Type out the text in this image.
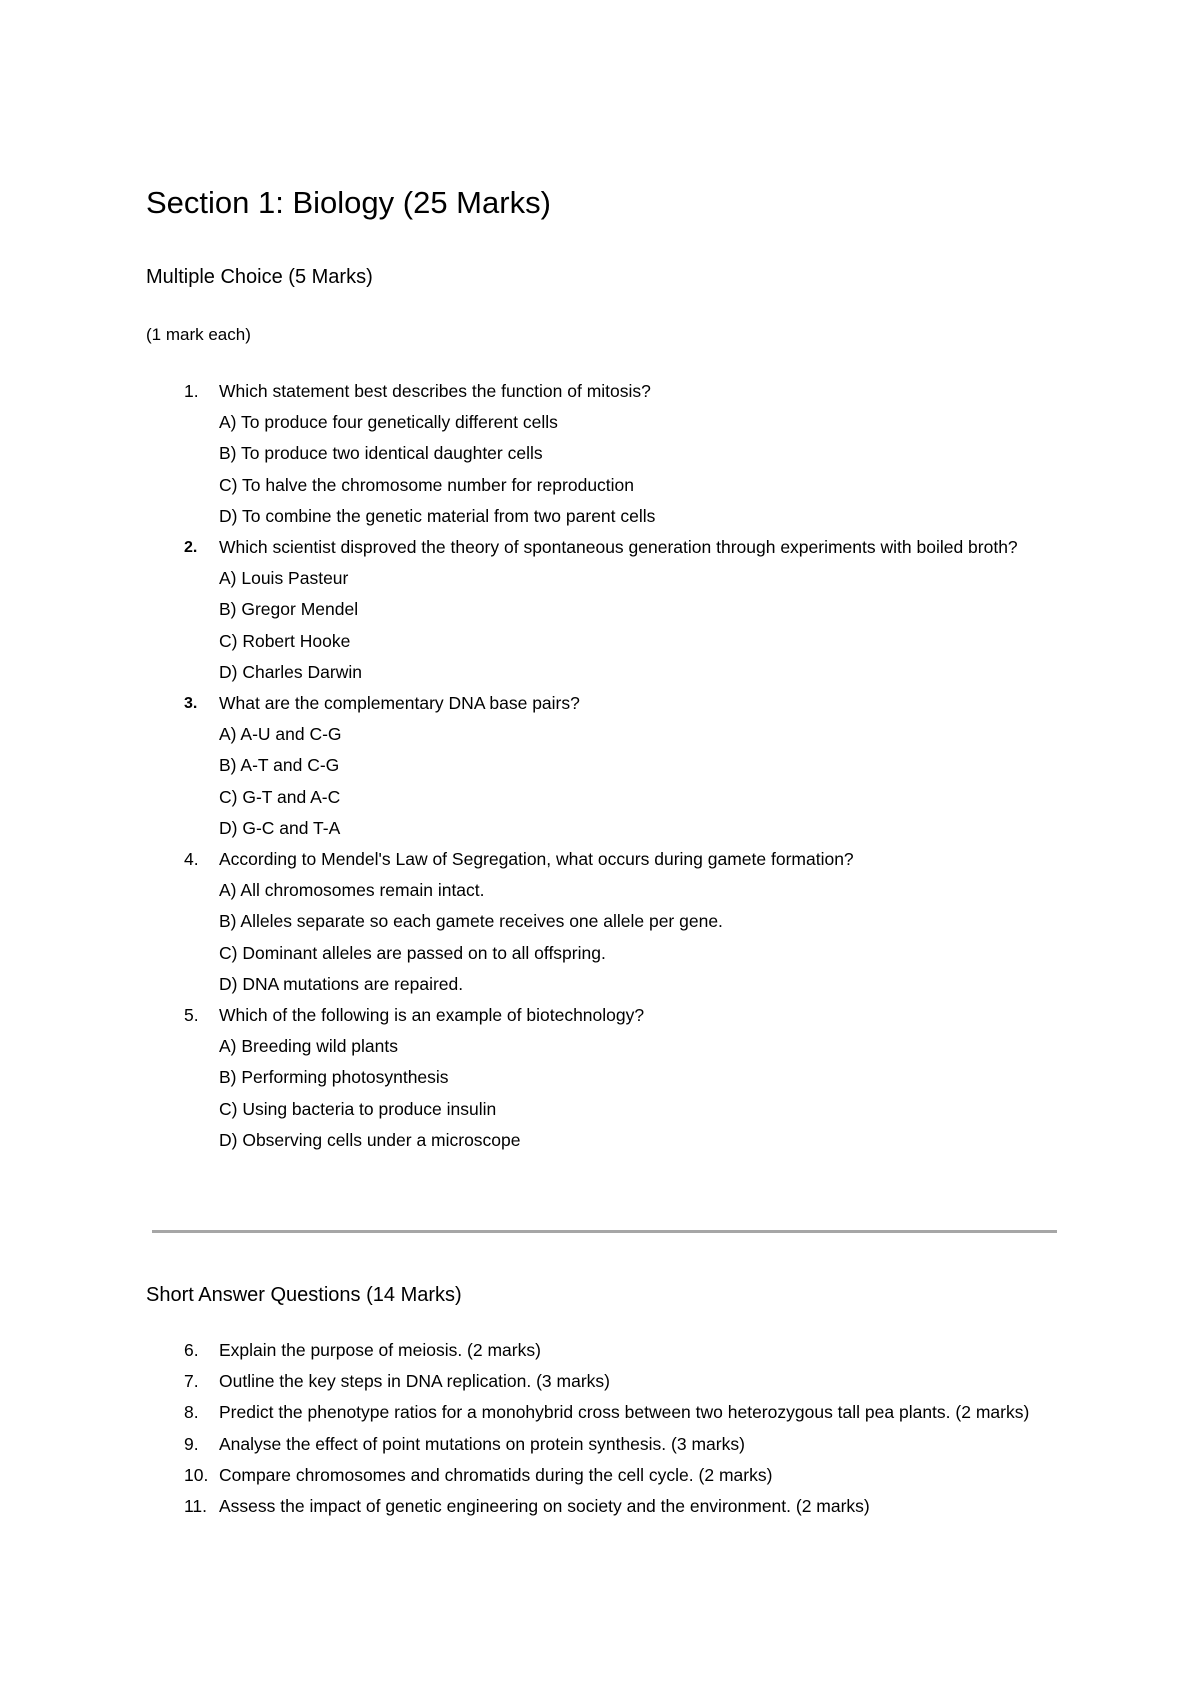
Section 1: Biology (25 Marks)
Multiple Choice (5 Marks)

(1 mark each)

1. Which statement best describes the function of mitosis?

A) To produce four genetically different cells

B) To produce two identical daughter cells

C) To halve the chromosome number for reproduction

D) To combine the genetic material from two parent cells

2. Which scientist disproved the theory of spontaneous generation through experiments with boiled broth?

A) Louis Pasteur

B) Gregor Mendel

C) Robert Hooke

D) Charles Darwin

3. What are the complementary DNA base pairs?

A) A-U and C-G

B) A-T and C-G

C) G-T and A-C

D) G-C and T-A

4. According to Mendel's Law of Segregation, what occurs during gamete formation?

A) All chromosomes remain intact.

B) Alleles separate so each gamete receives one allele per gene.

C) Dominant alleles are passed on to all offspring.

D) DNA mutations are repaired.

5. Which of the following is an example of biotechnology?

A) Breeding wild plants

B) Performing photosynthesis

C) Using bacteria to produce insulin

D) Observing cells under a microscope

Short Answer Questions (14 Marks)
6. Explain the purpose of meiosis. (2 marks)

7. Outline the key steps in DNA replication. (3 marks)

8. Predict the phenotype ratios for a monohybrid cross between two heterozygous tall pea plants. (2 marks)

9. Analyse the effect of point mutations on protein synthesis. (3 marks)

10. Compare chromosomes and chromatids during the cell cycle. (2 marks)

11. Assess the impact of genetic engineering on society and the environment. (2 marks)
